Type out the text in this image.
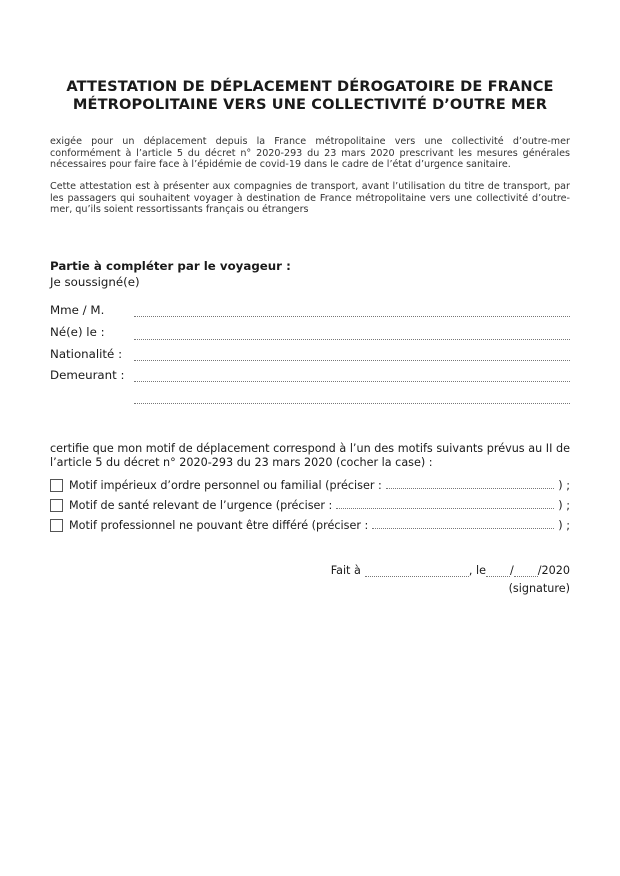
ATTESTATION DE DÉPLACEMENT DÉROGATOIRE DE FRANCE
MÉTROPOLITAINE VERS UNE COLLECTIVITÉ D’OUTRE MER

exigée pour un déplacement depuis la France métropolitaine vers une collectivité d’outre-mer conformément à l’article 5 du décret n° 2020-293 du 23 mars 2020 prescrivant les mesures générales nécessaires pour faire face à l’épidémie de covid-19 dans le cadre de l’état d’urgence sanitaire.

Cette attestation est à présenter aux compagnies de transport, avant l’utilisation du titre de transport, par les passagers qui souhaitent voyager à destination de France métropolitaine vers une collectivité d’outre-mer, qu’ils soient ressortissants français ou étrangers

Partie à compléter par le voyageur :
Je soussigné(e)
Mme / M.
Né(e) le :
Nationalité :
Demeurant :
certifie que mon motif de déplacement correspond à l’un des motifs suivants prévus au II de l’article 5 du décret n° 2020-293 du 23 mars 2020 (cocher la case) :
Motif impérieux d’ordre personnel ou familial (préciser :	) ;
Motif de santé relevant de l’urgence (préciser :	) ;
Motif professionnel ne pouvant être différé (préciser :	) ;
Fait à	, le / /2020
(signature)
